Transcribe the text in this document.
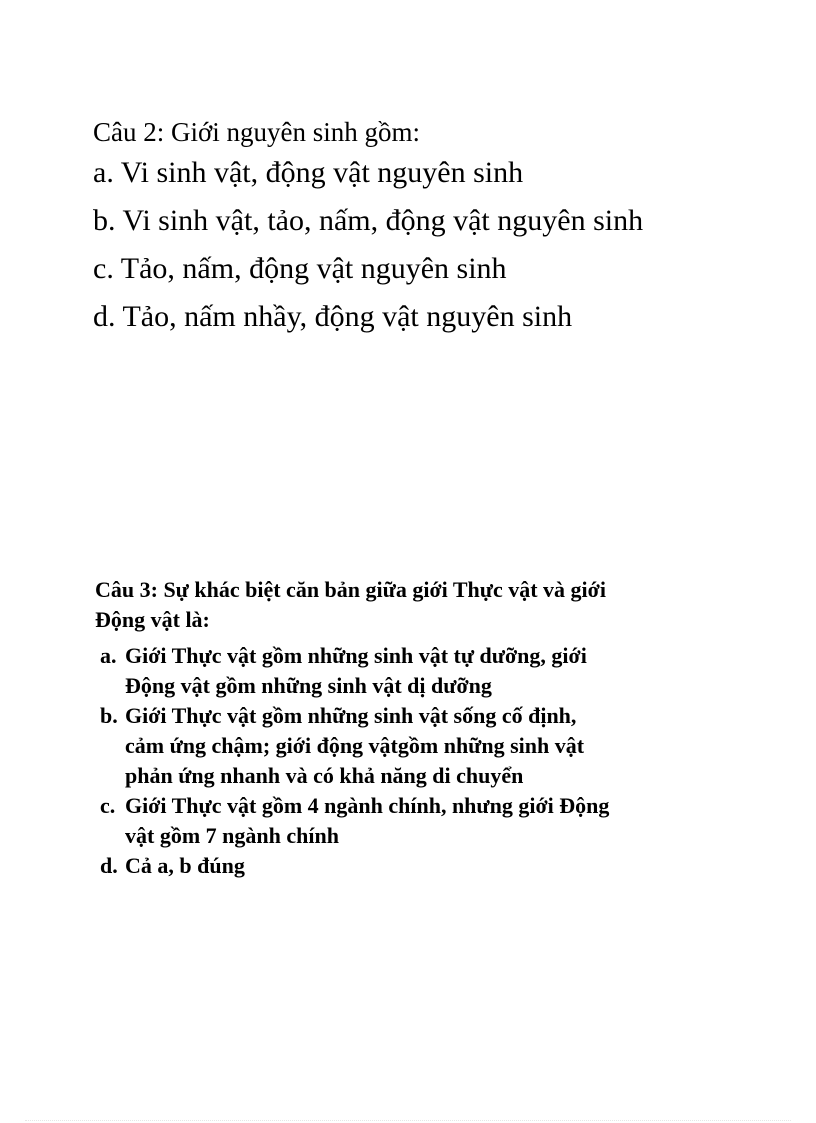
Câu 2: Giới nguyên sinh gồm:
a. Vi sinh vật, động vật nguyên sinh
b. Vi sinh vật, tảo, nấm, động vật nguyên sinh
c. Tảo, nấm, động vật nguyên sinh
d. Tảo, nấm nhầy, động vật nguyên sinh
Câu 3: Sự khác biệt căn bản giữa giới Thực vật và giới Động vật là:
a. Giới Thực vật gồm những sinh vật tự dưỡng, giới Động vật gồm những sinh vật dị dưỡng
b. Giới Thực vật gồm những sinh vật sống cố định, cảm ứng chậm; giới động vậtgồm những sinh vật phản ứng nhanh và có khả năng di chuyển
c. Giới Thực vật gồm 4 ngành chính, nhưng giới Động vật gồm 7 ngành chính
d. Cả a, b đúng
